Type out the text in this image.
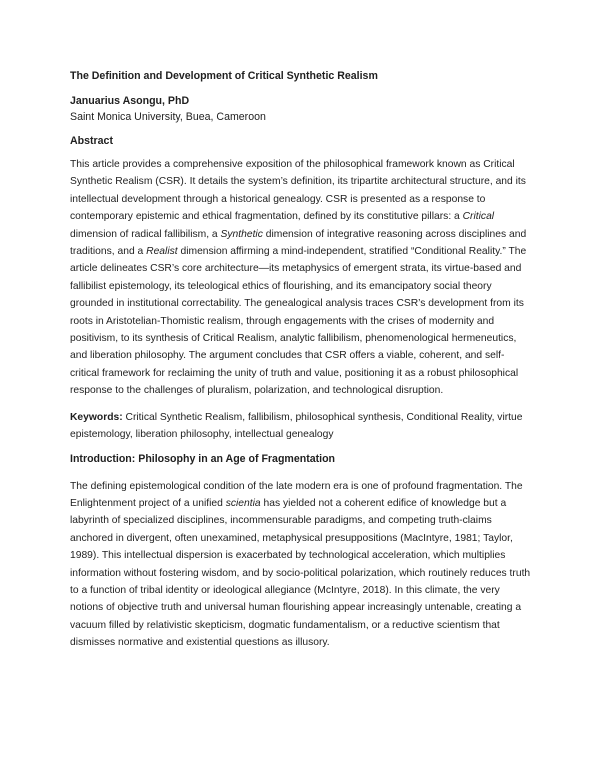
The Definition and Development of Critical Synthetic Realism
Januarius Asongu, PhD
Saint Monica University, Buea, Cameroon
Abstract

This article provides a comprehensive exposition of the philosophical framework known as Critical Synthetic Realism (CSR). It details the system’s definition, its tripartite architectural structure, and its intellectual development through a historical genealogy. CSR is presented as a response to contemporary epistemic and ethical fragmentation, defined by its constitutive pillars: a Critical dimension of radical fallibilism, a Synthetic dimension of integrative reasoning across disciplines and traditions, and a Realist dimension affirming a mind-independent, stratified “Conditional Reality.” The article delineates CSR’s core architecture—its metaphysics of emergent strata, its virtue-based and fallibilist epistemology, its teleological ethics of flourishing, and its emancipatory social theory grounded in institutional correctability. The genealogical analysis traces CSR’s development from its roots in Aristotelian-Thomistic realism, through engagements with the crises of modernity and positivism, to its synthesis of Critical Realism, analytic fallibilism, phenomenological hermeneutics, and liberation philosophy. The argument concludes that CSR offers a viable, coherent, and self-critical framework for reclaiming the unity of truth and value, positioning it as a robust philosophical response to the challenges of pluralism, polarization, and technological disruption.

Keywords: Critical Synthetic Realism, fallibilism, philosophical synthesis, Conditional Reality, virtue epistemology, liberation philosophy, intellectual genealogy

Introduction: Philosophy in an Age of Fragmentation

The defining epistemological condition of the late modern era is one of profound fragmentation. The Enlightenment project of a unified scientia has yielded not a coherent edifice of knowledge but a labyrinth of specialized disciplines, incommensurable paradigms, and competing truth-claims anchored in divergent, often unexamined, metaphysical presuppositions (MacIntyre, 1981; Taylor, 1989). This intellectual dispersion is exacerbated by technological acceleration, which multiplies information without fostering wisdom, and by socio-political polarization, which routinely reduces truth to a function of tribal identity or ideological allegiance (McIntyre, 2018). In this climate, the very notions of objective truth and universal human flourishing appear increasingly untenable, creating a vacuum filled by relativistic skepticism, dogmatic fundamentalism, or a reductive scientism that dismisses normative and existential questions as illusory.
